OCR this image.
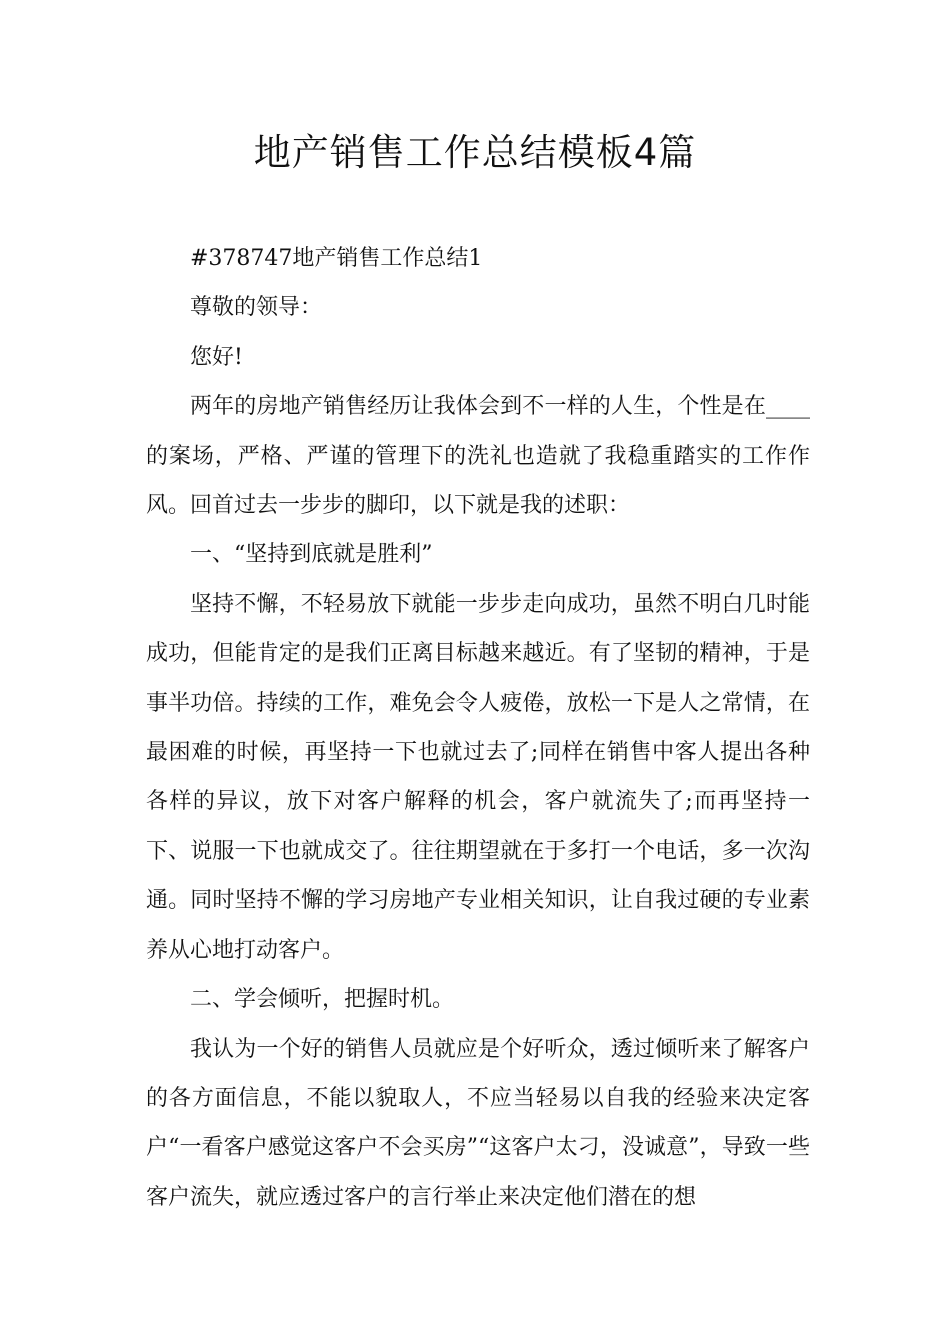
地产销售工作总结模板4篇

#378747地产销售工作总结1

尊敬的领导：

您好!

两年的房地产销售经历让我体会到不一样的人生，个性是在____的案场，严格、严谨的管理下的洗礼也造就了我稳重踏实的工作作风。回首过去一步步的脚印，以下就是我的述职：

一、“坚持到底就是胜利”

坚持不懈，不轻易放下就能一步步走向成功，虽然不明白几时能成功，但能肯定的是我们正离目标越来越近。有了坚韧的精神，于是事半功倍。持续的工作，难免会令人疲倦，放松一下是人之常情，在最困难的时候，再坚持一下也就过去了;同样在销售中客人提出各种各样的异议，放下对客户解释的机会，客户就流失了;而再坚持一下、说服一下也就成交了。往往期望就在于多打一个电话，多一次沟通。同时坚持不懈的学习房地产专业相关知识，让自我过硬的专业素养从心地打动客户。

二、学会倾听，把握时机。

我认为一个好的销售人员就应是个好听众，透过倾听来了解客户的各方面信息，不能以貌取人，不应当轻易以自我的经验来决定客户“一看客户感觉这客户不会买房”“这客户太刁，没诚意”，导致一些客户流失，就应透过客户的言行举止来决定他们潜在的想
